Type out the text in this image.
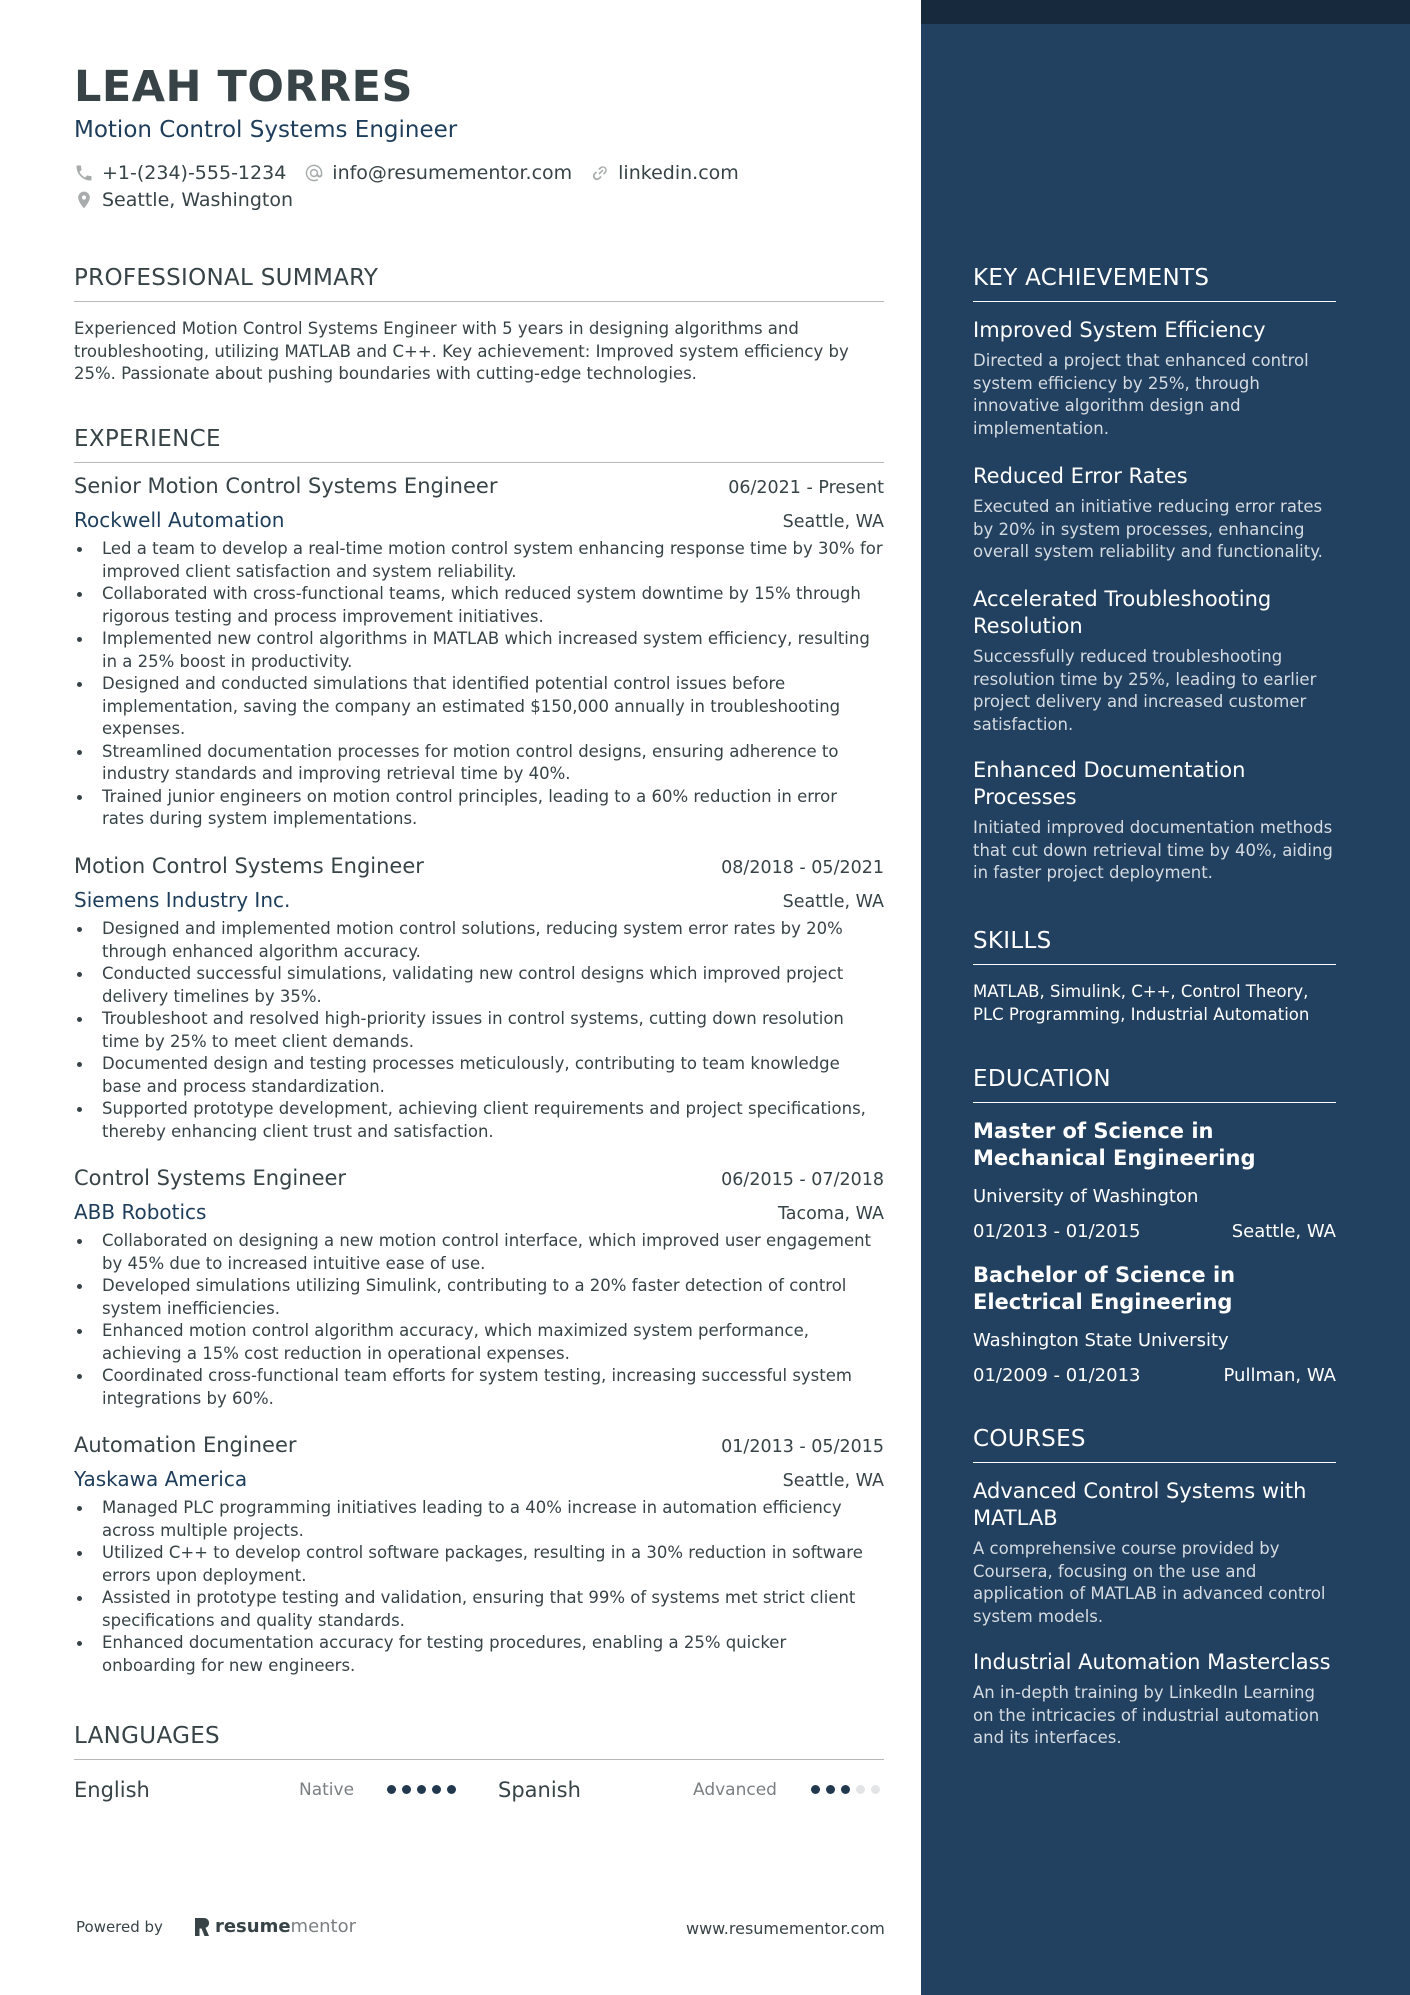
LEAH TORRES
Motion Control Systems Engineer
+1-(234)-555-1234 info@resumementor.com linkedin.com
Seattle, Washington
PROFESSIONAL SUMMARY

Experienced Motion Control Systems Engineer with 5 years in designing algorithms and troubleshooting, utilizing MATLAB and C++. Key achievement: Improved system efficiency by 25%. Passionate about pushing boundaries with cutting-edge technologies.

EXPERIENCE
Senior Motion Control Systems Engineer	06/2021 - Present
Rockwell Automation	Seattle, WA
Led a team to develop a real-time motion control system enhancing response time by 30% for improved client satisfaction and system reliability.
Collaborated with cross-functional teams, which reduced system downtime by 15% through rigorous testing and process improvement initiatives.
Implemented new control algorithms in MATLAB which increased system efficiency, resulting in a 25% boost in productivity.
Designed and conducted simulations that identified potential control issues before implementation, saving the company an estimated $150,000 annually in troubleshooting expenses.
Streamlined documentation processes for motion control designs, ensuring adherence to industry standards and improving retrieval time by 40%.
Trained junior engineers on motion control principles, leading to a 60% reduction in error rates during system implementations.
Motion Control Systems Engineer	08/2018 - 05/2021
Siemens Industry Inc.	Seattle, WA
Designed and implemented motion control solutions, reducing system error rates by 20% through enhanced algorithm accuracy.
Conducted successful simulations, validating new control designs which improved project delivery timelines by 35%.
Troubleshoot and resolved high-priority issues in control systems, cutting down resolution time by 25% to meet client demands.
Documented design and testing processes meticulously, contributing to team knowledge base and process standardization.
Supported prototype development, achieving client requirements and project specifications, thereby enhancing client trust and satisfaction.
Control Systems Engineer	06/2015 - 07/2018
ABB Robotics	Tacoma, WA
Collaborated on designing a new motion control interface, which improved user engagement by 45% due to increased intuitive ease of use.
Developed simulations utilizing Simulink, contributing to a 20% faster detection of control system inefficiencies.
Enhanced motion control algorithm accuracy, which maximized system performance, achieving a 15% cost reduction in operational expenses.
Coordinated cross-functional team efforts for system testing, increasing successful system integrations by 60%.
Automation Engineer	01/2013 - 05/2015
Yaskawa America	Seattle, WA
Managed PLC programming initiatives leading to a 40% increase in automation efficiency across multiple projects.
Utilized C++ to develop control software packages, resulting in a 30% reduction in software errors upon deployment.
Assisted in prototype testing and validation, ensuring that 99% of systems met strict client specifications and quality standards.
Enhanced documentation accuracy for testing procedures, enabling a 25% quicker onboarding for new engineers.
LANGUAGES
English	Native	Spanish	Advanced
Powered by	resume mentor	www.resumementor.com
KEY ACHIEVEMENTS

Improved System Efficiency

Directed a project that enhanced control system efficiency by 25%, through innovative algorithm design and implementation.

Reduced Error Rates

Executed an initiative reducing error rates by 20% in system processes, enhancing overall system reliability and functionality.

Accelerated Troubleshooting Resolution

Successfully reduced troubleshooting resolution time by 25%, leading to earlier project delivery and increased customer satisfaction.

Enhanced Documentation Processes

Initiated improved documentation methods that cut down retrieval time by 40%, aiding in faster project deployment.

SKILLS

MATLAB, Simulink, C++, Control Theory, PLC Programming, Industrial Automation

EDUCATION

Master of Science in Mechanical Engineering

University of Washington
01/2013 - 01/2015	Seattle, WA

Bachelor of Science in Electrical Engineering

Washington State University
01/2009 - 01/2013	Pullman, WA
COURSES

Advanced Control Systems with MATLAB

A comprehensive course provided by Coursera, focusing on the use and application of MATLAB in advanced control system models.

Industrial Automation Masterclass

An in-depth training by LinkedIn Learning on the intricacies of industrial automation and its interfaces.
